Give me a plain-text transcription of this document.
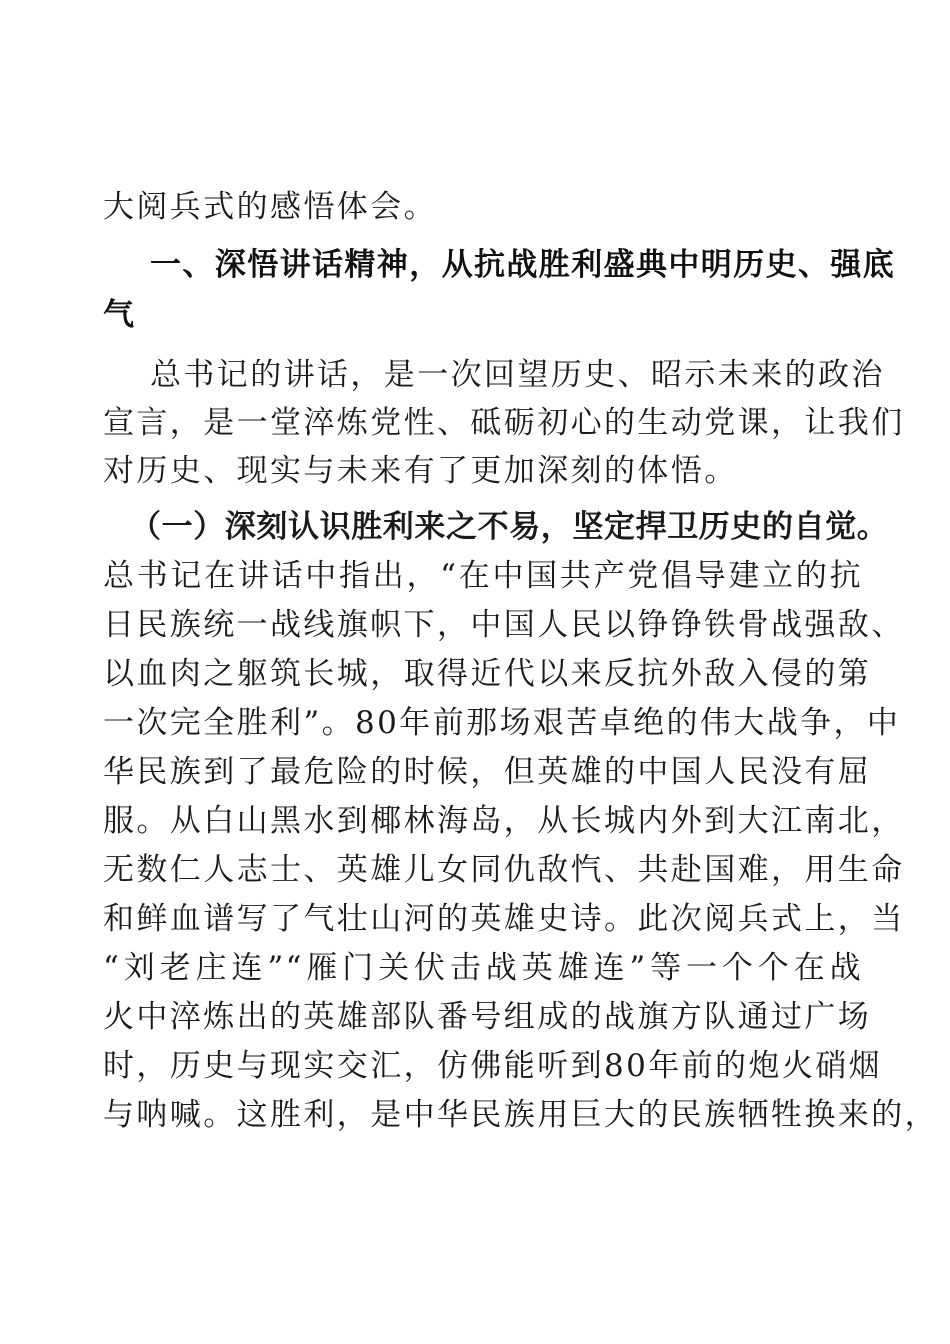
大阅兵式的感悟体会。
一、深悟讲话精神，从抗战胜利盛典中明历史、强底
气
总书记的讲话，是一次回望历史、昭示未来的政治
宣言，是一堂淬炼党性、砥砺初心的生动党课，让我们
对历史、现实与未来有了更加深刻的体悟。
（一）深刻认识胜利来之不易，坚定捍卫历史的自觉。
总书记在讲话中指出，“在中国共产党倡导建立的抗
日民族统一战线旗帜下，中国人民以铮铮铁骨战强敌、
以血肉之躯筑长城，取得近代以来反抗外敌入侵的第
一次完全胜利”。80年前那场艰苦卓绝的伟大战争，中
华民族到了最危险的时候，但英雄的中国人民没有屈
服。从白山黑水到椰林海岛，从长城内外到大江南北，
无数仁人志士、英雄儿女同仇敌忾、共赴国难，用生命
和鲜血谱写了气壮山河的英雄史诗。此次阅兵式上，当
“刘老庄连”“雁门关伏击战英雄连”等一个个在战
火中淬炼出的英雄部队番号组成的战旗方队通过广场
时，历史与现实交汇，仿佛能听到80年前的炮火硝烟
与呐喊。这胜利，是中华民族用巨大的民族牺牲换来的，
